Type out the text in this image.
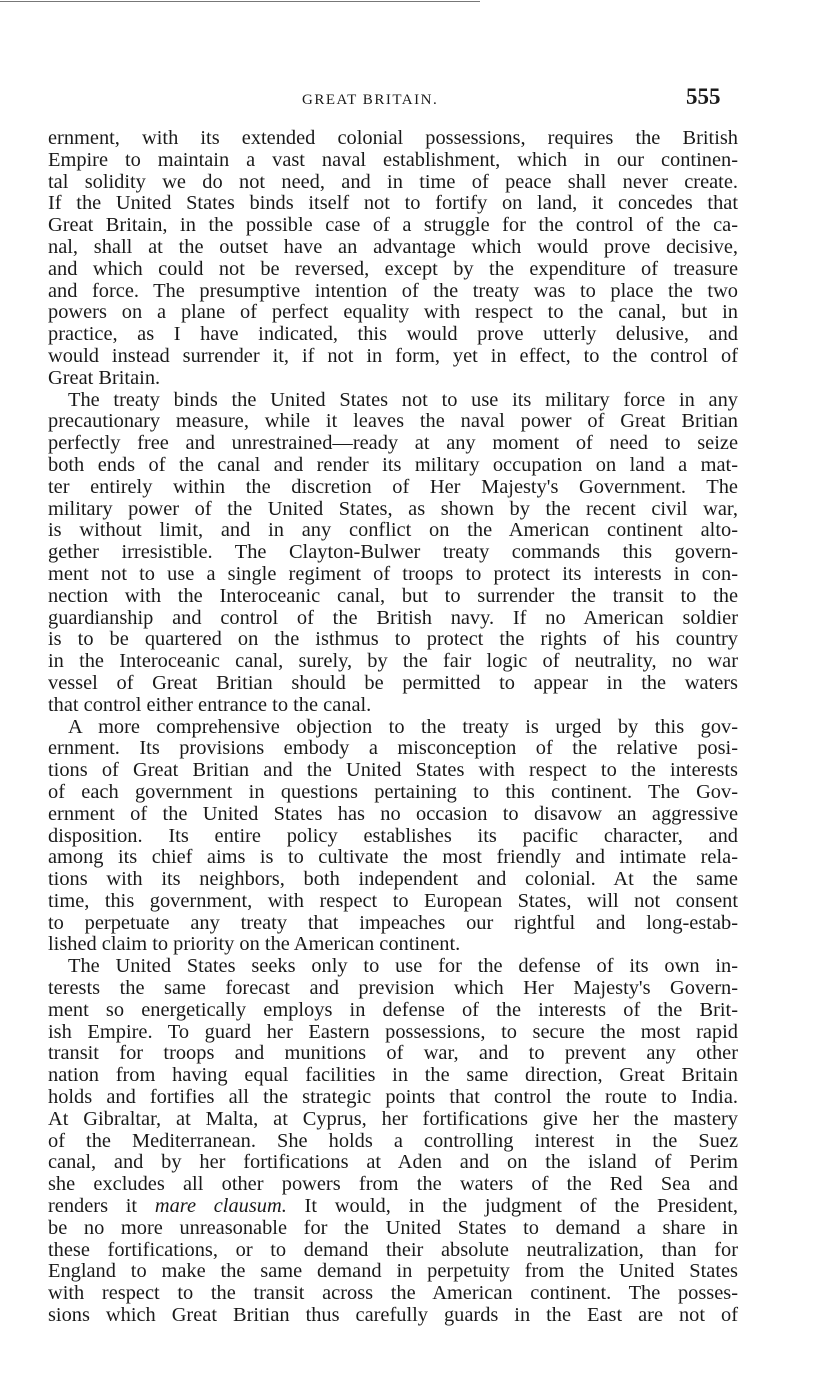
GREAT BRITAIN.	555
ernment, with its extended colonial possessions, requires the British
Empire to maintain a vast naval establishment, which in our continen-
tal solidity we do not need, and in time of peace shall never create.
If the United States binds itself not to fortify on land, it concedes that
Great Britain, in the possible case of a struggle for the control of the ca-
nal, shall at the outset have an advantage which would prove decisive,
and which could not be reversed, except by the expenditure of treasure
and force. The presumptive intention of the treaty was to place the two
powers on a plane of perfect equality with respect to the canal, but in
practice, as I have indicated, this would prove utterly delusive, and
would instead surrender it, if not in form, yet in effect, to the control of
Great Britain.
The treaty binds the United States not to use its military force in any
precautionary measure, while it leaves the naval power of Great Britian
perfectly free and unrestrained—ready at any moment of need to seize
both ends of the canal and render its military occupation on land a mat-
ter entirely within the discretion of Her Majesty's Government. The
military power of the United States, as shown by the recent civil war,
is without limit, and in any conflict on the American continent alto-
gether irresistible. The Clayton-Bulwer treaty commands this govern-
ment not to use a single regiment of troops to protect its interests in con-
nection with the Interoceanic canal, but to surrender the transit to the
guardianship and control of the British navy. If no American soldier
is to be quartered on the isthmus to protect the rights of his country
in the Interoceanic canal, surely, by the fair logic of neutrality, no war
vessel of Great Britian should be permitted to appear in the waters
that control either entrance to the canal.
A more comprehensive objection to the treaty is urged by this gov-
ernment. Its provisions embody a misconception of the relative posi-
tions of Great Britian and the United States with respect to the interests
of each government in questions pertaining to this continent. The Gov-
ernment of the United States has no occasion to disavow an aggressive
disposition. Its entire policy establishes its pacific character, and
among its chief aims is to cultivate the most friendly and intimate rela-
tions with its neighbors, both independent and colonial. At the same
time, this government, with respect to European States, will not consent
to perpetuate any treaty that impeaches our rightful and long-estab-
lished claim to priority on the American continent.
The United States seeks only to use for the defense of its own in-
terests the same forecast and prevision which Her Majesty's Govern-
ment so energetically employs in defense of the interests of the Brit-
ish Empire. To guard her Eastern possessions, to secure the most rapid
transit for troops and munitions of war, and to prevent any other
nation from having equal facilities in the same direction, Great Britain
holds and fortifies all the strategic points that control the route to India.
At Gibraltar, at Malta, at Cyprus, her fortifications give her the mastery
of the Mediterranean. She holds a controlling interest in the Suez
canal, and by her fortifications at Aden and on the island of Perim
she excludes all other powers from the waters of the Red Sea and
renders it mare clausum. It would, in the judgment of the President,
be no more unreasonable for the United States to demand a share in
these fortifications, or to demand their absolute neutralization, than for
England to make the same demand in perpetuity from the United States
with respect to the transit across the American continent. The posses-
sions which Great Britian thus carefully guards in the East are not of
